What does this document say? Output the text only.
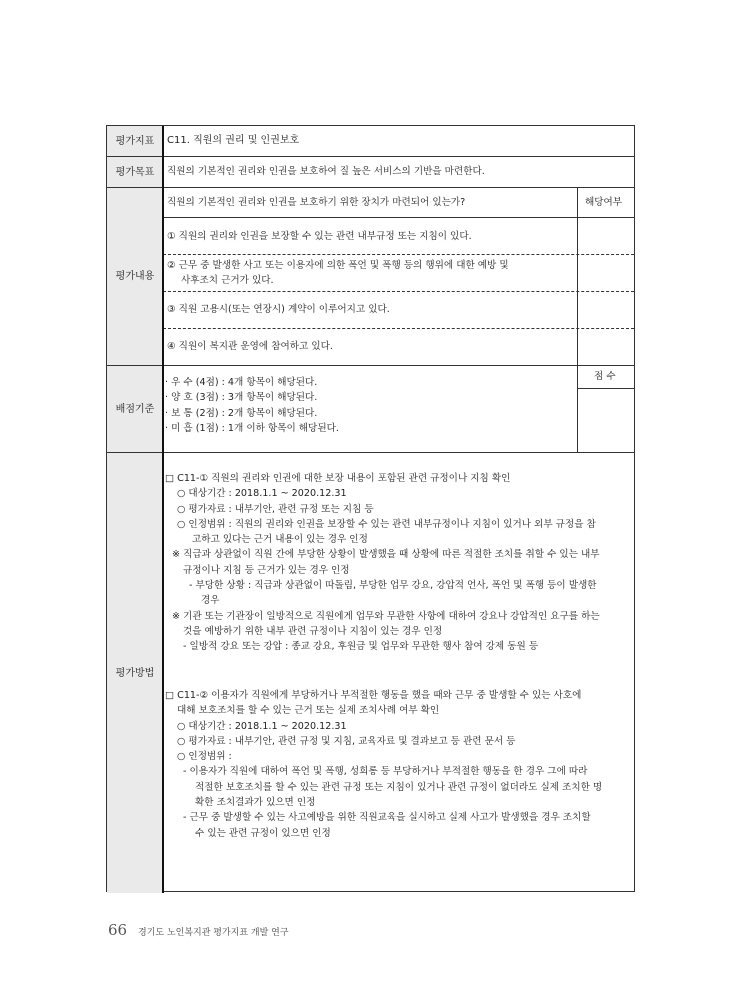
평가지표
평가목표
평가내용
배점기준
평가방법
C11. 직원의 권리 및 인권보호
직원의 기본적인 권리와 인권을 보호하여 질 높은 서비스의 기반을 마련한다.
직원의 기본적인 권리와 인권을 보호하기 위한 장치가 마련되어 있는가?	해당여부
① 직원의 권리와 인권을 보장할 수 있는 관련 내부규정 또는 지침이 있다.
② 근무 중 발생한 사고 또는 이용자에 의한 폭언 및 폭행 등의 행위에 대한 예방 및
사후조치 근거가 있다.
③ 직원 고용시(또는 연장시) 계약이 이루어지고 있다.
④ 직원이 복지관 운영에 참여하고 있다.
점 수
· 우 수 (4점) : 4개 항목이 해당된다.
· 양 호 (3점) : 3개 항목이 해당된다.
· 보 통 (2점) : 2개 항목이 해당된다.
· 미 흡 (1점) : 1개 이하 항목이 해당된다.
□ C11-① 직원의 권리와 인권에 대한 보장 내용이 포함된 관련 규정이나 지침 확인
○ 대상기간 : 2018.1.1 ~ 2020.12.31
○ 평가자료 : 내부기안, 관련 규정 또는 지침 등
○ 인정범위 : 직원의 권리와 인권을 보장할 수 있는 관련 내부규정이나 지침이 있거나 외부 규정을 참
고하고 있다는 근거 내용이 있는 경우 인정
※ 직급과 상관없이 직원 간에 부당한 상황이 발생했을 때 상황에 따른 적절한 조치를 취할 수 있는 내부
규정이나 지침 등 근거가 있는 경우 인정
- 부당한 상황 : 직급과 상관없이 따돌림, 부당한 업무 강요, 강압적 언사, 폭언 및 폭행 등이 발생한
경우
※ 기관 또는 기관장이 일방적으로 직원에게 업무와 무관한 사항에 대하여 강요나 강압적인 요구를 하는
것을 예방하기 위한 내부 관련 규정이나 지침이 있는 경우 인정
- 일방적 강요 또는 강압 : 종교 강요, 후원금 및 업무와 무관한 행사 참여 강제 동원 등
□ C11-② 이용자가 직원에게 부당하거나 부적절한 행동을 했을 때와 근무 중 발생할 수 있는 사호에
대해 보호조치를 할 수 있는 근거 또는 실제 조치사례 여부 확인
○ 대상기간 : 2018.1.1 ~ 2020.12.31
○ 평가자료 : 내부기안, 관련 규정 및 지침, 교육자료 및 결과보고 등 관련 문서 등
○ 인정범위 :
- 이용자가 직원에 대하여 폭언 및 폭행, 성희롱 등 부당하거나 부적절한 행동을 한 경우 그에 따라
적절한 보호조치를 할 수 있는 관련 규정 또는 지침이 있거나 관련 규정이 없더라도 실제 조치한 명
확한 조치결과가 있으면 인정
- 근무 중 발생할 수 있는 사고예방을 위한 직원교육을 실시하고 실제 사고가 발생했을 경우 조치할
수 있는 관련 규정이 있으면 인정
66 경기도 노인복지관 평가지표 개발 연구
